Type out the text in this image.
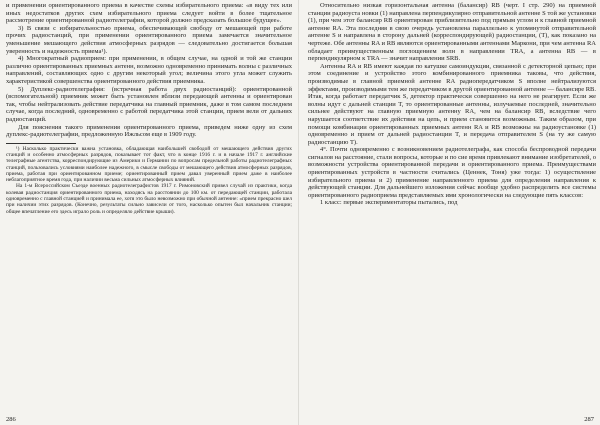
и применении ориентированного приема в качестве схемы избирательного приема: «в виду тех или иных недостатков других схем избирательного приема следует войти в более тщательное рассмотрение ориентированной радиотелеграфии, которой должно предсказать большое будущее».

3) В связи с избирательностью приема, обеспечивающей свободу от мешающей при работе прочих радиостанций, при применении ориентированного приема замечается значительное уменьшение мешающего действия атмосферных разрядов — следовательно достигается большая уверенность и надежность приема¹).

4) Многократный радиоприем: при применении, в общем случае, на одной и той же станции различно ориентированных приемных антенн, возможно одновременно принимать волны с различных направлений, составляющих одно с другим некоторый угол; величина этого угла может служить характеристикой совершенства ориентированного действия приемника.

5) Дуплекс-радиотелеграфия: (встречная работа двух радиостанций): ориентированной (вспомогательной) приемник может быть установлен вблизи передающей антенны и ориентирован так, чтобы нейтрализовать действие передатчика на главный приемник, даже в том самом последнем случае, когда последний, одновременно с работой передатчика этой станции, прием вели от дальних радиостанций.

Для пояснения такого применения ориентированного приема, приведем ниже одну из схем дуплекс-радиотелеграфии, предложенную Ижльсом еще в 1909 году.

¹) Насколько практически важна установка, обладающая наибольшей свободой от мешающего действия других станций и особенно атмосферных разрядов, показывает тот факт, что в конце 1916 г. и в начале 1917 г. английские телеграфные агентства, корреспондирующие из Америки и Германии по вопросам предельной работы радиотелеграфных станций, пользовались условиями наиболее надежного, в смысле свободы от мешающего действия атмосферных разрядов, приема, работая при ориентированном приеме; ориентированный прием давал уверенный прием даже в наиболее неблагоприятное время года, при наличии весьма сильных атмосферных влияний.

На 1-м Всероссийском Съезде военных радиотелеграфистов 1917 г. Римоновский привел случай из практики, когда колевая радиостанция ориентированного приема, находясь на расстоянии до 100 км. от передающей станции, работала одновременно с главной станцией и принимала ее, хотя это было невозможно при обычной антенне: «прием прекрасно шел при наличии этих разрядов. (Конечно, результаты сильно зависели от того, насколько опытен был начальник станции; общее впечатление его здесь играло роль и определяло действие крыши).

Относительно низкая горизонтальная антенна (балансир) RB (черт. I стр. 290) на приемной станции радиоуста новки (1) направлена перпендикулярно отправительной антенне S той же установки (1), при чем этот балансир RB ориентирован приблизительно под прямым углом и к главной приемной антенне RA. Эта последняя в свою очередь установлена параллельно к упомянутой отправительной антенне S и направлена в сторону дальней (корреспондирующей) радиостанции, (T), как показано на чертеже. Обе антенны RA и RB являются ориентированными антеннами Маркони, при чем антенна RA обладает преимущественным поглощением волн в направлении TRA, а антенна RB — в перпендикулярном к TRA — значит направлении SRB.

Антенны RA и RB имеют каждая по катушке самоиндукции, связанной с детекторной цепью; при этом соединение и устройство этого комбинированного приемника таковы, что действия, производимые в главной приемной антенне RA радиопередатчиком S вполне нейтрализуются эффектами, производимыми тем же передатчиком в другой ориентированной антенне — балансире RB. Итак, когда работает передатчик S, детектор практически совершенно на него не реагирует. Если же волны идут с дальней станции T, то ориентированные антенны, излучаемые последней, значительно сильнее действуют на главную приемную антенну RA, чем на балансир RB, вследствие чего нарушается соответствие их действия на цепь, и прием становится возможным. Таким образом, при помощи комбинации ориентированных приемных антенн RA и RB возможны на радиоустановке (1) одновременно и прием от дальней радиостанции T, и передача отправителем S (на ту же самую радиостанцию T).

4°. Почти одновременно с возникновением радиотелеграфа, как способа беспроводной передачи сигналов на расстояние, стали вопросы, которые и по сие время привлекают внимание изобретателей, о возможности устройства ориентированной передачи и ориентированного приема. Преимуществами ориентированных устройств в частности считались (Ценнек, Тоня) уже тогда: 1) осуществление избирательного приема и 2) применение направленного приема для определения направления к действующей станции. Для дальнейшего изложения сейчас вообще удобно распределить все системы ориентированного радиоприема представляемых ими хронологически на следующие пять классов:

1 класс: первые экспериментаторы пытались, под

286	287
